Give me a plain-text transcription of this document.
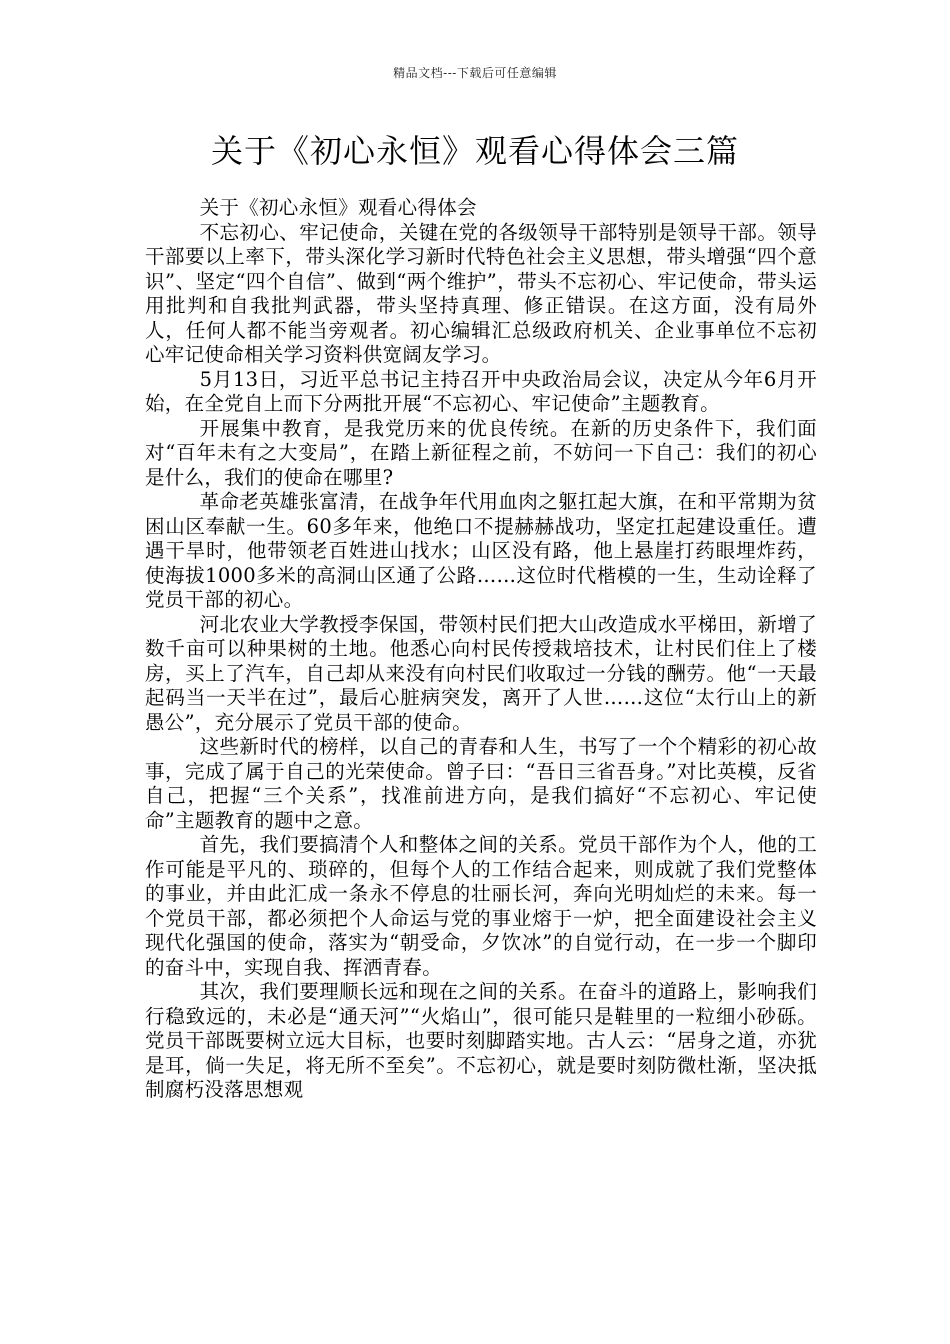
精品文档---下载后可任意编辑
关于《初心永恒》观看心得体会三篇

关于《初心永恒》观看心得体会

不忘初心、牢记使命，关键在党的各级领导干部特别是领导干部。领导干部要以上率下，带头深化学习新时代特色社会主义思想，带头增强“四个意识”、坚定“四个自信”、做到“两个维护”，带头不忘初心、牢记使命，带头运用批判和自我批判武器，带头坚持真理、修正错误。在这方面，没有局外人，任何人都不能当旁观者。初心编辑汇总级政府机关、企业事单位不忘初心牢记使命相关学习资料供宽阔友学习。

5月13日，习近平总书记主持召开中央政治局会议，决定从今年6月开始，在全党自上而下分两批开展“不忘初心、牢记使命”主题教育。

开展集中教育，是我党历来的优良传统。在新的历史条件下，我们面对“百年未有之大变局”，在踏上新征程之前，不妨问一下自己：我们的初心是什么，我们的使命在哪里?

革命老英雄张富清，在战争年代用血肉之躯扛起大旗，在和平常期为贫困山区奉献一生。60多年来，他绝口不提赫赫战功，坚定扛起建设重任。遭遇干旱时，他带领老百姓进山找水；山区没有路，他上悬崖打药眼埋炸药，使海拔1000多米的高洞山区通了公路……这位时代楷模的一生，生动诠释了党员干部的初心。

河北农业大学教授李保国，带领村民们把大山改造成水平梯田，新增了数千亩可以种果树的土地。他悉心向村民传授栽培技术，让村民们住上了楼房，买上了汽车，自己却从来没有向村民们收取过一分钱的酬劳。他“一天最起码当一天半在过”，最后心脏病突发，离开了人世……这位“太行山上的新愚公”，充分展示了党员干部的使命。

这些新时代的榜样，以自己的青春和人生，书写了一个个精彩的初心故事，完成了属于自己的光荣使命。曾子曰：“吾日三省吾身。”对比英模，反省自己，把握“三个关系”，找准前进方向，是我们搞好“不忘初心、牢记使命”主题教育的题中之意。

首先，我们要搞清个人和整体之间的关系。党员干部作为个人，他的工作可能是平凡的、琐碎的，但每个人的工作结合起来，则成就了我们党整体的事业，并由此汇成一条永不停息的壮丽长河，奔向光明灿烂的未来。每一个党员干部，都必须把个人命运与党的事业熔于一炉，把全面建设社会主义现代化强国的使命，落实为“朝受命，夕饮冰”的自觉行动，在一步一个脚印的奋斗中，实现自我、挥洒青春。

其次，我们要理顺长远和现在之间的关系。在奋斗的道路上，影响我们行稳致远的，未必是“通天河”“火焰山”，很可能只是鞋里的一粒细小砂砾。党员干部既要树立远大目标，也要时刻脚踏实地。古人云：“居身之道，亦犹是耳，倘一失足，将无所不至矣”。不忘初心，就是要时刻防微杜渐，坚决抵制腐朽没落思想观
